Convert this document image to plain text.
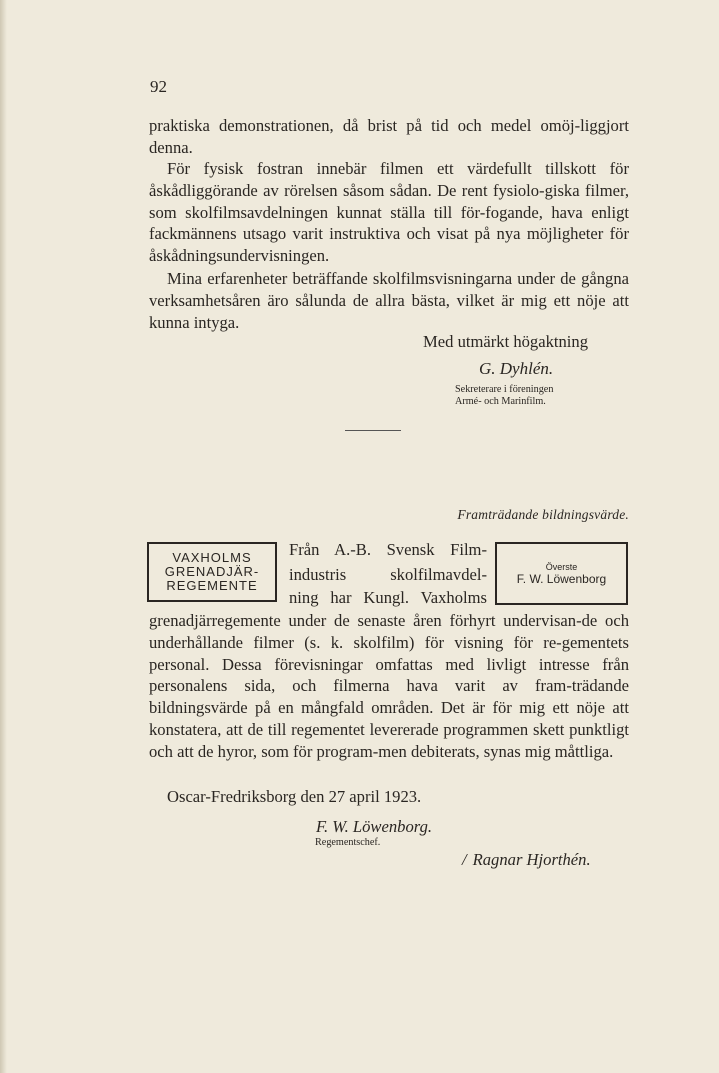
92

praktiska demonstrationen, då brist på tid och medel omöj-liggjort denna.

För fysisk fostran innebär filmen ett värdefullt tillskott för åskådliggörande av rörelsen såsom sådan. De rent fysiolo-giska filmer, som skolfilmsavdelningen kunnat ställa till för-fogande, hava enligt fackmännens utsago varit instruktiva och visat på nya möjligheter för åskådningsundervisningen.

Mina erfarenheter beträffande skolfilmsvisningarna under de gångna verksamhetsåren äro sålunda de allra bästa, vilket är mig ett nöje att kunna intyga.

Med utmärkt högaktning

G. Dyhlén.

Sekreterare i föreningen
Armé- och Marinfilm.
Framträdande bildningsvärde.
VAXHOLMS
GRENADJÄR-
REGEMENTE
Från A.-B. Svensk Film-
industris skolfilmavdel-
ning har Kungl. Vaxholms
Överste
F. W. Löwenborg

grenadjärregemente under de senaste åren förhyrt undervisan-de och underhållande filmer (s. k. skolfilm) för visning för re-gementets personal. Dessa förevisningar omfattas med livligt intresse från personalens sida, och filmerna hava varit av fram-trädande bildningsvärde på en mångfald områden. Det är för mig ett nöje att konstatera, att de till regementet levererade programmen skett punktligt och att de hyror, som för program-men debiterats, synas mig måttliga.

Oscar-Fredriksborg den 27 april 1923.

F. W. Löwenborg.

Regementschef.

/ Ragnar Hjorthén.
